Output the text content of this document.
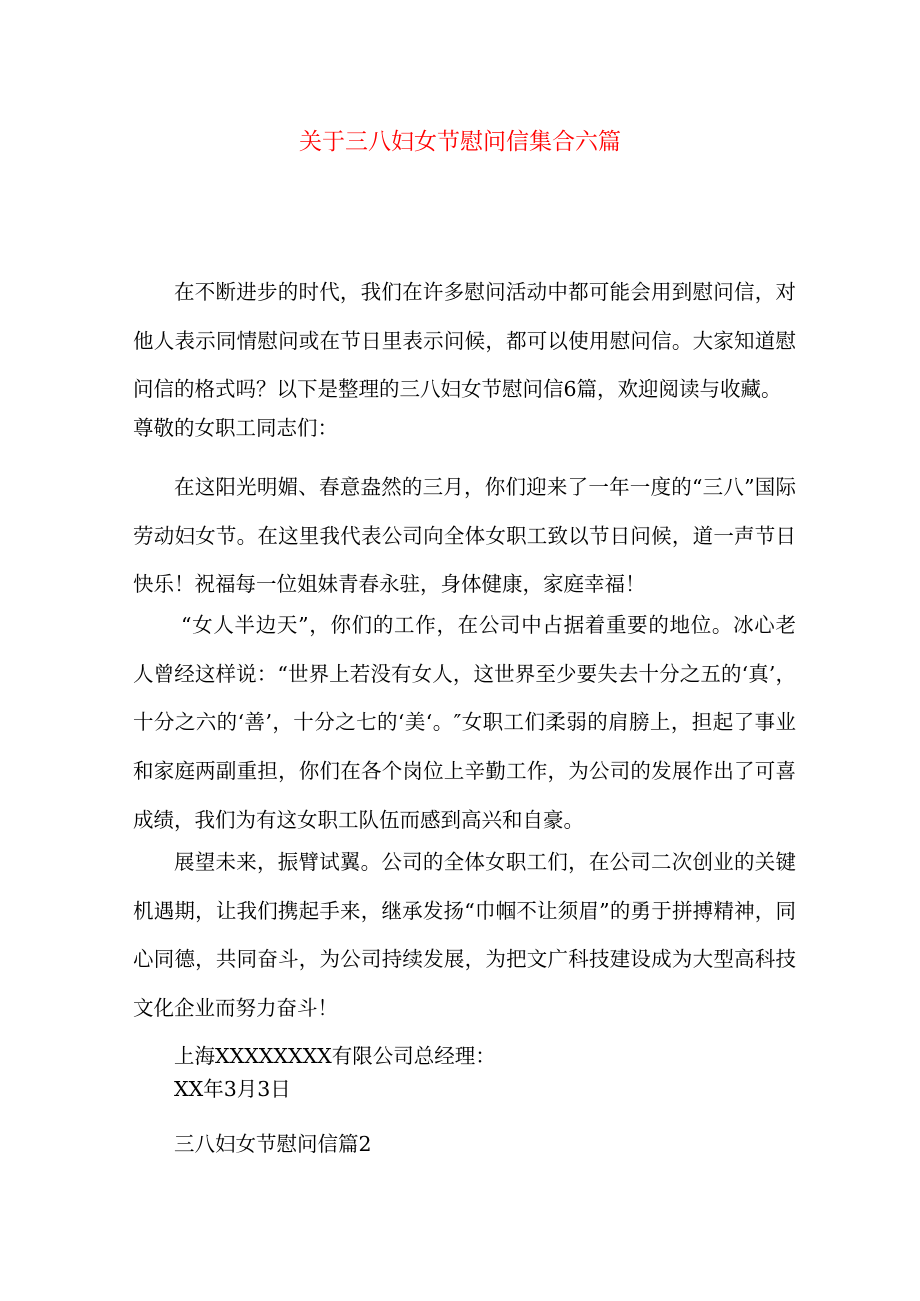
关于三八妇女节慰问信集合六篇

在不断进步的时代，我们在许多慰问活动中都可能会用到慰问信，对他人表示同情慰问或在节日里表示问候，都可以使用慰问信。大家知道慰问信的格式吗？以下是整理的三八妇女节慰问信6篇，欢迎阅读与收藏。

尊敬的女职工同志们：

在这阳光明媚、春意盎然的三月，你们迎来了一年一度的“三八”国际劳动妇女节。在这里我代表公司向全体女职工致以节日问候，道一声节日快乐！祝福每一位姐妹青春永驻，身体健康，家庭幸福！

“女人半边天”，你们的工作，在公司中占据着重要的地位。冰心老人曾经这样说：“世界上若没有女人，这世界至少要失去十分之五的‘真’，十分之六的‘善’，十分之七的‘美‘。″女职工们柔弱的肩膀上，担起了事业和家庭两副重担，你们在各个岗位上辛勤工作，为公司的发展作出了可喜成绩，我们为有这女职工队伍而感到高兴和自豪。

展望未来，振臂试翼。公司的全体女职工们，在公司二次创业的关键机遇期，让我们携起手来，继承发扬“巾帼不让须眉”的勇于拼搏精神，同心同德，共同奋斗，为公司持续发展，为把文广科技建设成为大型高科技文化企业而努力奋斗！

上海XXXXXXXX有限公司总经理：

XX年3月3日

三八妇女节慰问信篇2
